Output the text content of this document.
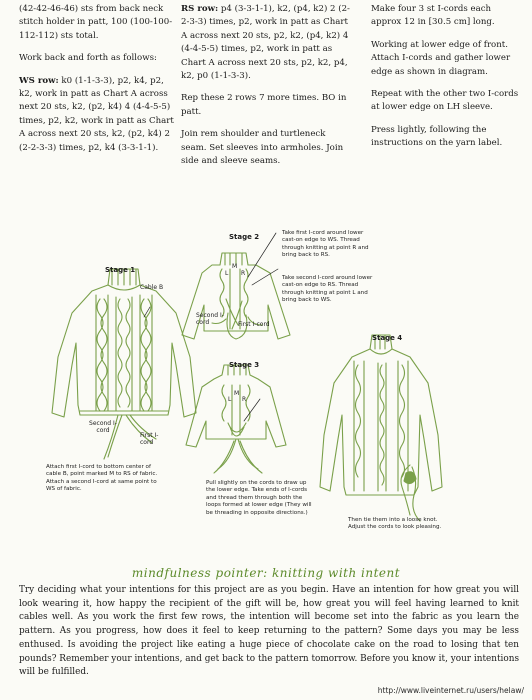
(42-42-46-46) sts from back neck stitch holder in patt, 100 (100-100-112-112) sts total.

Work back and forth as follows:

WS row: k0 (1-1-3-3), p2, k4, p2, k2, work in patt as Chart A across next 20 sts, k2, (p2, k4) 4 (4-4-5-5) times, p2, k2, work in patt as Chart A across next 20 sts, k2, (p2, k4) 2 (2-2-3-3) times, p2, k4 (3-3-1-1).

RS row: p4 (3-3-1-1), k2, (p4, k2) 2 (2-2-3-3) times, p2, work in patt as Chart A across next 20 sts, p2, k2, (p4, k2) 4 (4-4-5-5) times, p2, work in patt as Chart A across next 20 sts, p2, k2, p4, k2, p0 (1-1-3-3).

Rep these 2 rows 7 more times. BO in patt.

Join rem shoulder and turtleneck seam. Set sleeves into armholes. Join side and sleeve seams.

Make four 3 st I-cords each approx 12 in [30.5 cm] long.

Working at lower edge of front. Attach I-cords and gather lower edge as shown in diagram.

Repeat with the other two I-cords at lower edge on LH sleeve.

Press lightly, following the instructions on the yarn label.

Stage 1
Stage 2
Stage 3
Stage 4
Cable B
Second I-cord
First I-cord
Second I-cord	First I-cord
L
M
R
L
M
R
Attach first I-cord to bottom center of cable B, point marked M to RS of fabric. Attach a second I-cord at same point to WS of fabric.
Take first I-cord around lower cast-on edge to WS. Thread through knitting at point R and bring back to RS.
Take second I-cord around lower cast-on edge to RS. Thread through knitting at point L and bring back to WS.
Pull slightly on the cords to draw up the lower edge. Take ends of I-cords and thread them through both the loops formed at lower edge (They will be threading in opposite directions.)
Then tie them into a loose knot. Adjust the cords to look pleasing.
mindfulness pointer: knitting with intent
Try deciding what your intentions for this project are as you begin. Have an intention for how great you will look wearing it, how happy the recipient of the gift will be, how great you will feel having learned to knit cables well. As you work the first few rows, the intention will become set into the fabric as you learn the pattern. As you progress, how does it feel to keep returning to the pattern? Some days you may be less enthused. Is avoiding the project like eating a huge piece of chocolate cake on the road to losing that ten pounds? Remember your intentions, and get back to the pattern tomorrow. Before you know it, your intentions will be fulfilled.
http://www.liveinternet.ru/users/helaw/
